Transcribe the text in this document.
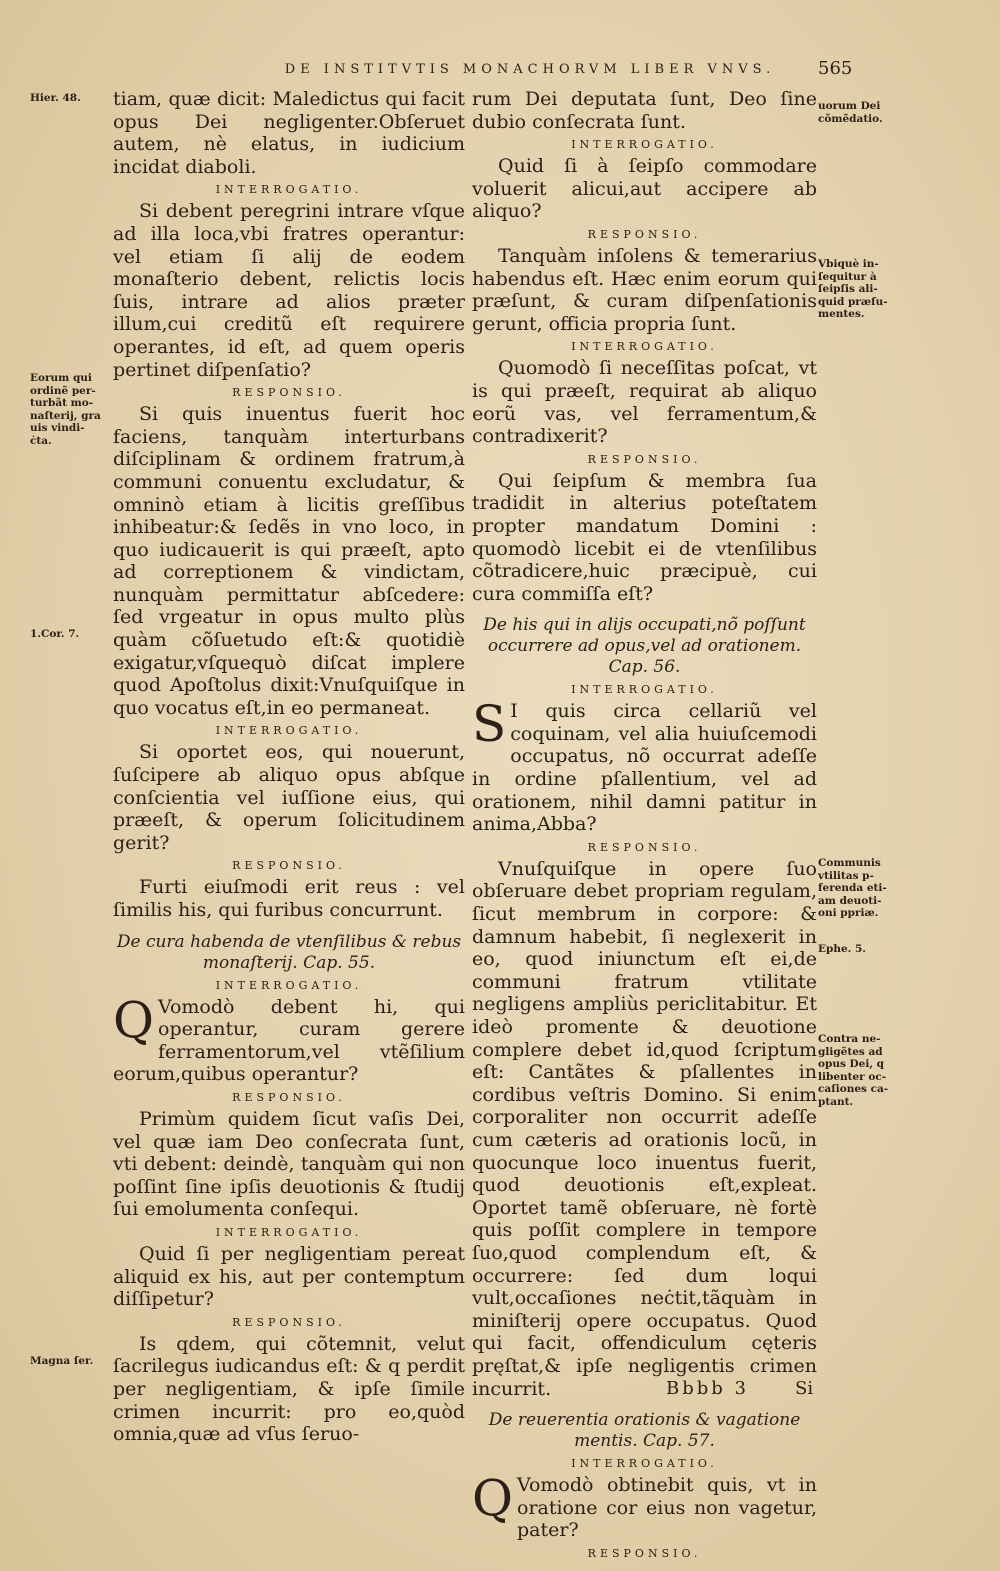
DE INSTITVTIS MONACHORVM LIBER VNVS.	565

tiam, quæ dicit: Maledictus qui facit opus Dei negligenter.Obſeruet autem, nè elatus, in iudicium incidat diaboli.

INTERROGATIO.

Si debent peregrini intrare vſque ad illa loca,vbi fratres operantur: vel etiam ſi alij de eodem monaſterio debent, relictis locis ſuis, intrare ad alios præter illum,cui creditũ eſt requirere operantes, id eſt, ad quem operis pertinet diſpenſatio?

RESPONSIO.

Si quis inuentus fuerit hoc faciens, tanquàm interturbans diſciplinam & ordinem fratrum,à communi conuentu excludatur, & omninò etiam à licitis greſſibus inhibeatur:& ſedẽs in vno loco, in quo iudicauerit is qui præeſt, apto ad correptionem & vindictam, nunquàm permittatur abſcedere: ſed vrgeatur in opus multo plùs quàm cõſuetudo eſt:& quotidiè exigatur,vſquequò diſcat implere quod Apoſtolus dixit:Vnuſquiſque in quo vocatus eſt,in eo permaneat.

INTERROGATIO.

Si oportet eos, qui nouerunt, ſuſcipere ab aliquo opus abſque conſcientia vel iuſſione eius, qui præeſt, & operum ſolicitudinem gerit?

RESPONSIO.

Furti eiuſmodi erit reus : vel ſimilis his, qui furibus concurrunt.

De cura habenda de vtenſilibus & rebus monaſterij. Cap. 55.
INTERROGATIO.

Q Vomodò debent hi, qui operantur, curam gerere ferramentorum,vel vtẽſilium eorum,quibus operantur?

RESPONSIO.

Primùm quidem ſicut vaſis Dei, vel quæ iam Deo conſecrata ſunt, vti debent: deindè, tanquàm qui non poſſint ſine ipſis deuotionis & ſtudij ſui emolumenta conſequi.

INTERROGATIO.

Quid ſi per negligentiam pereat aliquid ex his, aut per contemptum diſſipetur?

RESPONSIO.

Is qdem, qui cõtemnit, velut ſacrilegus iudicandus eſt: & q perdit per negligentiam, & ipſe ſimile crimen incurrit: pro eo,quòd omnia,quæ ad vſus ſeruo-

rum Dei deputata ſunt, Deo ſine dubio conſecrata ſunt.

INTERROGATIO.

Quid ſi à ſeipſo commodare voluerit alicui,aut accipere ab aliquo?

RESPONSIO.

Tanquàm inſolens & temerarius habendus eſt. Hæc enim eorum qui præſunt, & curam diſpenſationis gerunt, officia propria ſunt.

INTERROGATIO.

Quomodò ſi neceſſitas poſcat, vt is qui præeſt, requirat ab aliquo eorũ vas, vel ferramentum,& contradixerit?

RESPONSIO.

Qui ſeipſum & membra ſua tradidit in alterius poteſtatem propter mandatum Domini : quomodò licebit ei de vtenſilibus cõtradicere,huic præcipuè, cui cura commiſſa eſt?

De his qui in alijs occupati,nõ poſſunt occurrere ad opus,vel ad orationem. Cap. 56.
INTERROGATIO.

S I quis circa cellariũ vel coquinam, vel alia huiuſcemodi occupatus, nõ occurrat adeſſe in ordine pſallentium, vel ad orationem, nihil damni patitur in anima,Abba?

RESPONSIO.

Vnuſquiſque in opere ſuo obſeruare debet propriam regulam, ſicut membrum in corpore: & damnum habebit, ſi neglexerit in eo, quod iniunctum eſt ei,de communi fratrum vtilitate negligens ampliùs periclitabitur. Et ideò promente & deuotione complere debet id,quod ſcriptum eſt: Cantãtes & pſallentes in cordibus veſtris Domino. Si enim corporaliter non occurrit adeſſe cum cæteris ad orationis locũ, in quocunque loco inuentus fuerit, quod deuotionis eſt,expleat. Oportet tamẽ obſeruare, nè fortè quis poſſit complere in tempore ſuo,quod complendum eſt, & occurrere: ſed dum loqui vult,occaſiones neċtit,tãquàm in miniſterij opere occupatus. Quod qui facit, offendiculum cęteris pręſtat,& ipſe negligentis crimen incurrit.

De reuerentia orationis & vagatione mentis. Cap. 57.
INTERROGATIO.

Q Vomodò obtinebit quis, vt in oratione cor eius non vagetur, pater?

RESPONSIO.
Hier. 48.
Eorum qui
ordinẽ per-
turbãt mo-
naſterij, gra
uis vindi-
ċta.
1.Cor. 7.
Magna ſer.
uorum Dei
cõmẽdatio.
Vbiquè in-
ſequitur à
ſeipſis ali-
quid præſu-
mentes.
Communis
vtilitas p-
ferenda eti-
am deuoti-
oni ppriæ.
Ephe. 5.
Contra ne-
gligẽtes ad
opus Dei, q
libenter oc-
caſiones ca-
ptant.
Bbbb 3	Si
